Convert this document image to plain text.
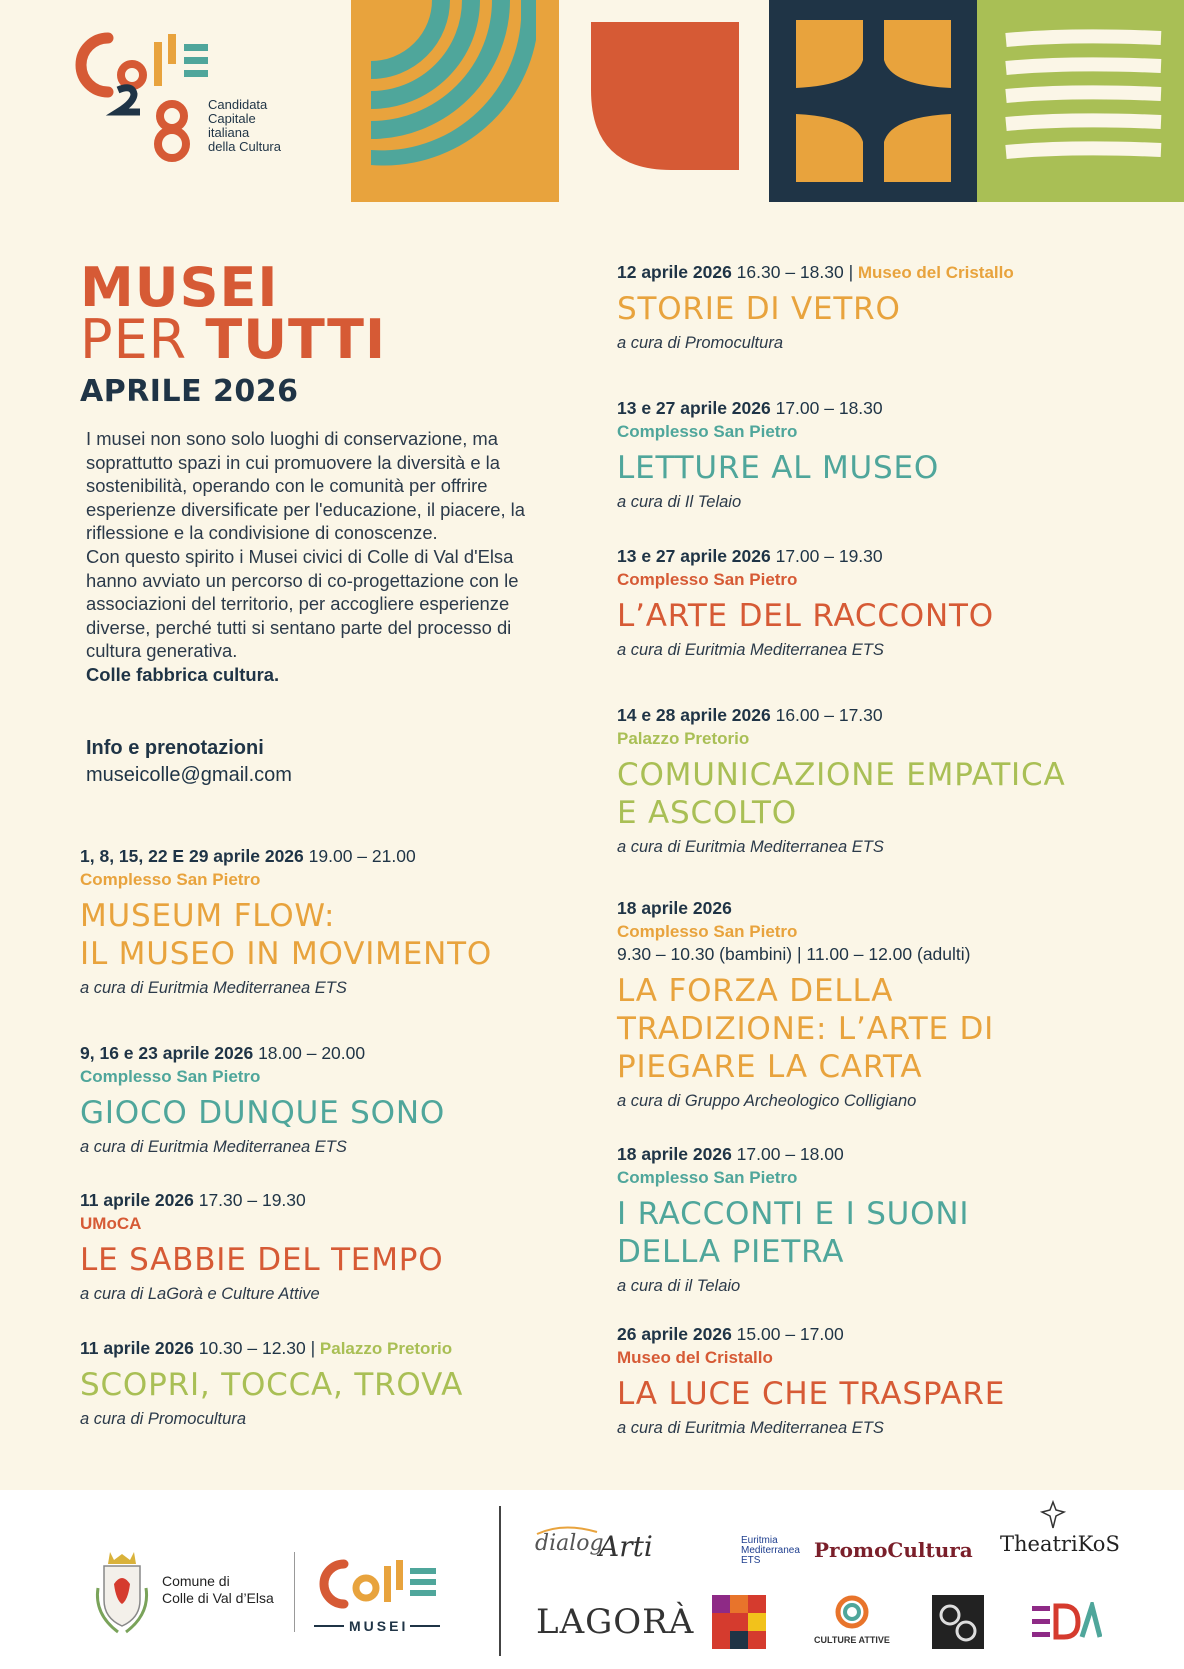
Candidata
Capitale
italiana
della Cultura
MUSEI
PER TUTTI
APRILE 2026

I musei non sono solo luoghi di conservazione, ma soprattutto spazi in cui promuovere la diversità e la sostenibilità, operando con le comunità per offrire esperienze diversificate per l'educazione, il piacere, la riflessione e la condivisione di conoscenze.

Con questo spirito i Musei civici di Colle di Val d'Elsa hanno avviato un percorso di co-progettazione con le associazioni del territorio, per accogliere esperienze diverse, perché tutti si sentano parte del processo di cultura generativa.

Colle fabbrica cultura.

Info e prenotazioni
museicolle@gmail.com
1, 8, 15, 22 E 29 aprile 2026 19.00 – 21.00
Complesso San Pietro
MUSEUM FLOW:
IL MUSEO IN MOVIMENTO
a cura di Euritmia Mediterranea ETS
9, 16 e 23 aprile 2026 18.00 – 20.00
Complesso San Pietro
GIOCO DUNQUE SONO
a cura di Euritmia Mediterranea ETS
11 aprile 2026 17.30 – 19.30
UMoCA
LE SABBIE DEL TEMPO
a cura di LaGorà e Culture Attive
11 aprile 2026 10.30 – 12.30 | Palazzo Pretorio
SCOPRI, TOCCA, TROVA
a cura di Promocultura
12 aprile 2026 16.30 – 18.30 | Museo del Cristallo
STORIE DI VETRO
a cura di Promocultura
13 e 27 aprile 2026 17.00 – 18.30
Complesso San Pietro
LETTURE AL MUSEO
a cura di Il Telaio
13 e 27 aprile 2026 17.00 – 19.30
Complesso San Pietro
L’ARTE DEL RACCONTO
a cura di Euritmia Mediterranea ETS
14 e 28 aprile 2026 16.00 – 17.30
Palazzo Pretorio
COMUNICAZIONE EMPATICA
E ASCOLTO
a cura di Euritmia Mediterranea ETS
18 aprile 2026
Complesso San Pietro
9.30 – 10.30 (bambini) | 11.00 – 12.00 (adulti)
LA FORZA DELLA
TRADIZIONE: L’ARTE DI
PIEGARE LA CARTA
a cura di Gruppo Archeologico Colligiano
18 aprile 2026 17.00 – 18.00
Complesso San Pietro
I RACCONTI E I SUONI
DELLA PIETRA
a cura di il Telaio
26 aprile 2026 15.00 – 17.00
Museo del Cristallo
LA LUCE CHE TRASPARE
a cura di Euritmia Mediterranea ETS
Comune di
Colle di Val d’Elsa
MUSEI
dialog
Arti	Euritmia
Mediterranea
ETS	PromoCultura TheatriKoS
LAGORÀ	CULTURE ATTIVE
